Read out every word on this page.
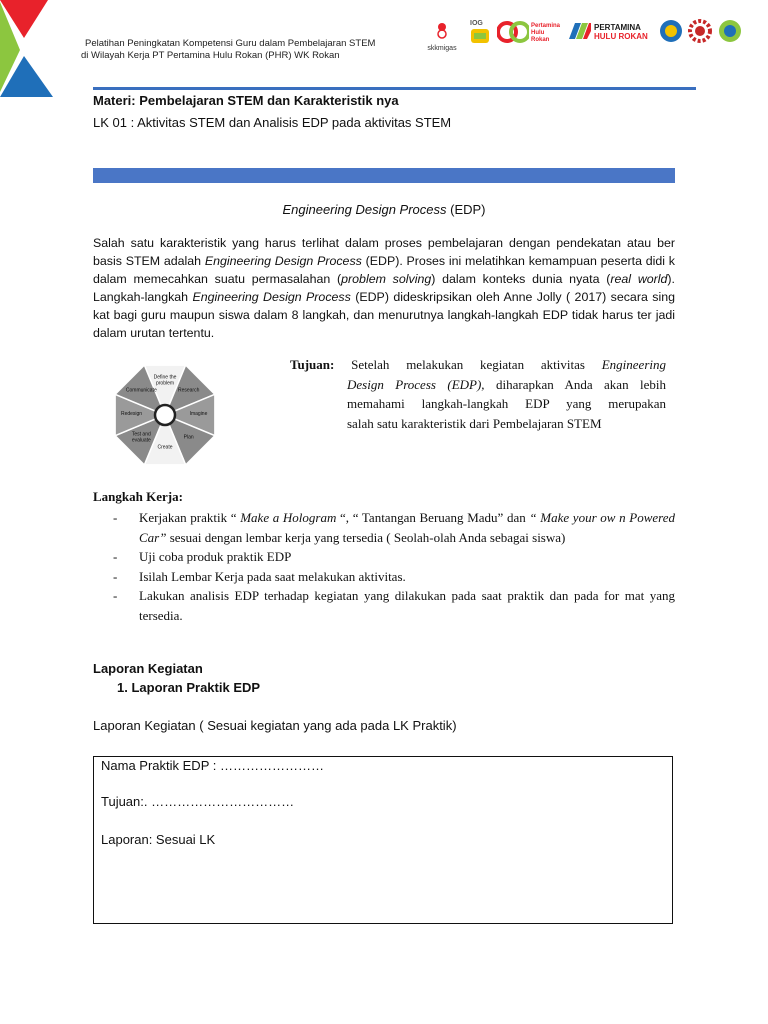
Pelatihan Peningkatan Kompetensi Guru dalam Pembelajaran STEM
di Wilayah Kerja PT Pertamina Hulu Rokan (PHR) WK Rokan
skkmigas
IOG	Pertamina Hulu Rokan
PERTAMINA
HULU ROKAN
Materi: Pembelajaran STEM dan Karakteristik nya
LK 01 : Aktivitas STEM dan Analisis EDP pada aktivitas STEM
Engineering Design Process (EDP)
Salah satu karakteristik yang harus terlihat dalam proses pembelajaran dengan pendekatan atau ber basis STEM adalah Engineering Design Process (EDP). Proses ini melatihkan kemampuan peserta didi k dalam memecahkan suatu permasalahan (problem solving) dalam konteks dunia nyata (real world). Langkah-langkah Engineering Design Process (EDP) dideskripsikan oleh Anne Jolly ( 2017) secara sing kat bagi guru maupun siswa dalam 8 langkah, dan menurutnya langkah-langkah EDP tidak harus ter jadi dalam urutan tertentu.
Define the problem
Research
Imagine
Plan
Create
Test and evaluate
Redesign
Communicate
Tujuan: Setelah melakukan kegiatan aktivitas Engineering
Design Process (EDP), diharapkan Anda akan lebih
memahami langkah-langkah EDP yang merupakan
salah satu karakteristik dari Pembelajaran STEM
Langkah Kerja:
- Kerjakan praktik “ Make a Hologram “, “ Tantangan Beruang Madu” dan “ Make your ow n Powered Car” sesuai dengan lembar kerja yang tersedia ( Seolah-olah Anda sebagai siswa)
- Uji coba produk praktik EDP
- Isilah Lembar Kerja pada saat melakukan aktivitas.
- Lakukan analisis EDP terhadap kegiatan yang dilakukan pada saat praktik dan pada for mat yang tersedia.
Laporan Kegiatan
1. Laporan Praktik EDP
Laporan Kegiatan ( Sesuai kegiatan yang ada pada LK Praktik)
Nama Praktik EDP : ……………………
Tujuan:. ……………………………
Laporan: Sesuai LK
